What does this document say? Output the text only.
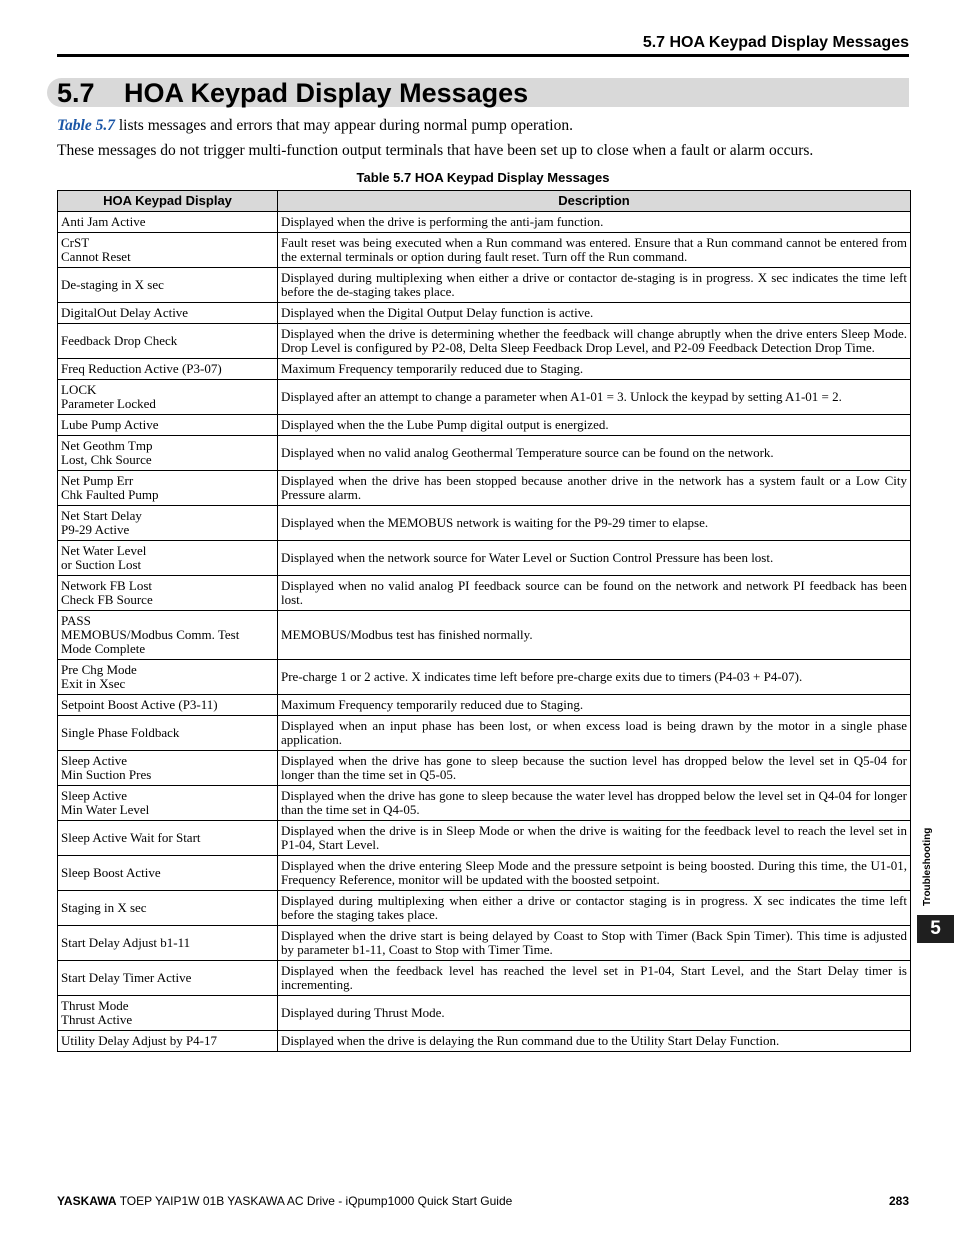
5.7 HOA Keypad Display Messages
5.7 HOA Keypad Display Messages
Table 5.7 lists messages and errors that may appear during normal pump operation.
These messages do not trigger multi-function output terminals that have been set up to close when a fault or alarm occurs.
Table 5.7 HOA Keypad Display Messages
HOA Keypad Display	Description

Anti Jam Active	Displayed when the drive is performing the anti-jam function.

CrST
Cannot Reset	Fault reset was being executed when a Run command was entered. Ensure that a Run command cannot be entered from the external terminals or option during fault reset. Turn off the Run command.

De-staging in X sec	Displayed during multiplexing when either a drive or contactor de-staging is in progress. X sec indicates the time left before the de-staging takes place.

DigitalOut Delay Active	Displayed when the Digital Output Delay function is active.

Feedback Drop Check	Displayed when the drive is determining whether the feedback will change abruptly when the drive enters Sleep Mode. Drop Level is configured by P2-08, Delta Sleep Feedback Drop Level, and P2-09 Feedback Detection Drop Time.

Freq Reduction Active (P3-07)	Maximum Frequency temporarily reduced due to Staging.

LOCK
Parameter Locked	Displayed after an attempt to change a parameter when A1-01 = 3. Unlock the keypad by setting A1-01 = 2.

Lube Pump Active	Displayed when the the Lube Pump digital output is energized.

Net Geothm Tmp
Lost, Chk Source	Displayed when no valid analog Geothermal Temperature source can be found on the network.

Net Pump Err
Chk Faulted Pump	Displayed when the drive has been stopped because another drive in the network has a system fault or a Low City Pressure alarm.

Net Start Delay
P9-29 Active	Displayed when the MEMOBUS network is waiting for the P9-29 timer to elapse.

Net Water Level
or Suction Lost	Displayed when the network source for Water Level or Suction Control Pressure has been lost.

Network FB Lost
Check FB Source	Displayed when no valid analog PI feedback source can be found on the network and network PI feedback has been lost.

PASS
MEMOBUS/Modbus Comm. Test
Mode Complete	MEMOBUS/Modbus test has finished normally.

Pre Chg Mode
Exit in Xsec	Pre-charge 1 or 2 active. X indicates time left before pre-charge exits due to timers (P4-03 + P4-07).

Setpoint Boost Active (P3-11)	Maximum Frequency temporarily reduced due to Staging.

Single Phase Foldback	Displayed when an input phase has been lost, or when excess load is being drawn by the motor in a single phase application.

Sleep Active
Min Suction Pres	Displayed when the drive has gone to sleep because the suction level has dropped below the level set in Q5-04 for longer than the time set in Q5-05.

Sleep Active
Min Water Level	Displayed when the drive has gone to sleep because the water level has dropped below the level set in Q4-04 for longer than the time set in Q4-05.

Sleep Active Wait for Start	Displayed when the drive is in Sleep Mode or when the drive is waiting for the feedback level to reach the level set in P1-04, Start Level.

Sleep Boost Active	Displayed when the drive entering Sleep Mode and the pressure setpoint is being boosted. During this time, the U1-01, Frequency Reference, monitor will be updated with the boosted setpoint.

Staging in X sec	Displayed during multiplexing when either a drive or contactor staging is in progress. X sec indicates the time left before the staging takes place.

Start Delay Adjust b1-11	Displayed when the drive start is being delayed by Coast to Stop with Timer (Back Spin Timer). This time is adjusted by parameter b1-11, Coast to Stop with Timer Time.

Start Delay Timer Active	Displayed when the feedback level has reached the level set in P1-04, Start Level, and the Start Delay timer is incrementing.

Thrust Mode
Thrust Active	Displayed during Thrust Mode.

Utility Delay Adjust by P4-17	Displayed when the drive is delaying the Run command due to the Utility Start Delay Function.
Troubleshooting
5
YASKAWA TOEP YAIP1W 01B YASKAWA AC Drive - iQpump1000 Quick Start Guide	283
